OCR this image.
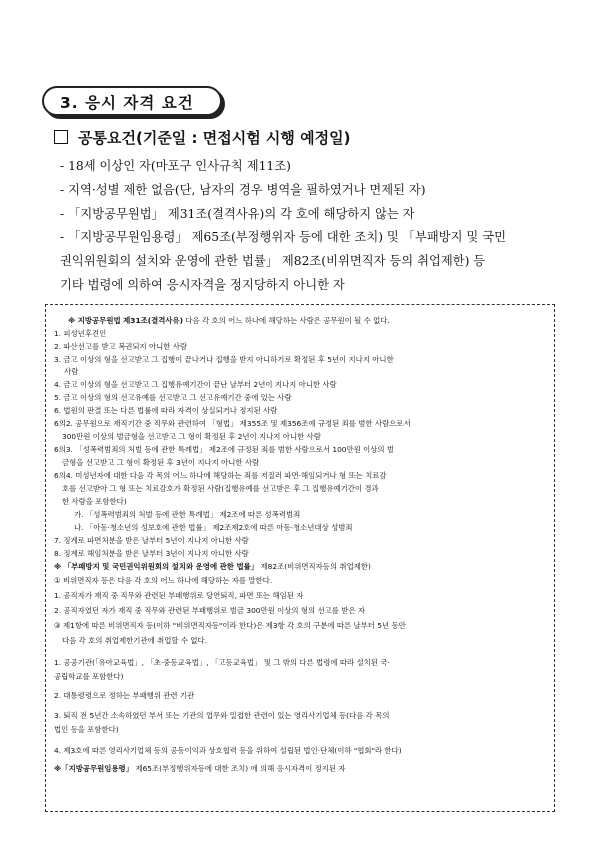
3. 응시 자격 요건
공통요건(기준일 : 면접시험 시행 예정일)
- 18세 이상인 자(마포구 인사규칙 제11조)
- 지역·성별 제한 없음(단, 남자의 경우 병역을 필하였거나 면제된 자)
- 「지방공무원법」 제31조(결격사유)의 각 호에 해당하지 않는 자
- 「지방공무원임용령」 제65조(부정행위자 등에 대한 조치) 및 「부패방지 및 국민
권익위원회의 설치와 운영에 관한 법률」 제82조(비위면직자 등의 취업제한) 등
기타 법령에 의하여 응시자격을 정지당하지 아니한 자
※ 지방공무원법 제31조(결격사유) 다음 각 호의 어느 하나에 해당하는 사람은 공무원이 될 수 없다.
1. 피성년후견인
2. 파산선고를 받고 복권되지 아니한 사람
3. 금고 이상의 형을 선고받고 그 집행이 끝나거나 집행을 받지 아니하기로 확정된 후 5년이 지나지 아니한
사람
4. 금고 이상의 형을 선고받고 그 집행유예기간이 끝난 날부터 2년이 지나지 아니한 사람
5. 금고 이상의 형의 선고유예를 선고받고 그 선고유예기간 중에 있는 사람
6. 법원의 판결 또는 다른 법률에 따라 자격이 상실되거나 정지된 사람
6의2. 공무원으로 재직기간 중 직무와 관련하여 「형법」 제355조 및 제356조에 규정된 죄를 범한 사람으로서
300만원 이상의 벌금형을 선고받고 그 형이 확정된 후 2년이 지나지 아니한 사람
6의3. 「성폭력범죄의 처벌 등에 관한 특례법」 제2조에 규정된 죄를 범한 사람으로서 100만원 이상의 벌
금형을 선고받고 그 형이 확정된 후 3년이 지나지 아니한 사람
6의4. 미성년자에 대한 다음 각 목의 어느 하나에 해당하는 죄를 저질러 파면·해임되거나 형 또는 치료감
호를 선고받아 그 형 또는 치료감호가 확정된 사람(집행유예를 선고받은 후 그 집행유예기간이 경과
한 사람을 포함한다)
가. 「성폭력범죄의 처벌 등에 관한 특례법」 제2조에 따른 성폭력범죄
나. 「아동·청소년의 성보호에 관한 법률」 제2조제2호에 따른 아동·청소년대상 성범죄
7. 징계로 파면처분을 받은 날부터 5년이 지나지 아니한 사람
8. 징계로 해임처분을 받은 날부터 3년이 지나지 아니한 사람
※ 「부패방지 및 국민권익위원회의 설치와 운영에 관한 법률」 제82조(비위면직자등의 취업제한)
① 비위면직자 등은 다음 각 호의 어느 하나에 해당하는 자를 말한다.
1. 공직자가 재직 중 직무와 관련된 부패행위로 당연퇴직, 파면 또는 해임된 자
2. 공직자였던 자가 재직 중 직무와 관련된 부패행위로 벌금 300만원 이상의 형의 선고를 받은 자
③ 제1항에 따른 비위면직자 등(이하 "비위면직자등"이라 한다)은 제3항 각 호의 구분에 따른 날부터 5년 동안
다음 각 호의 취업제한기관에 취업할 수 없다.
1. 공공기관(「유아교육법」, 「초·중등교육법」, 「고등교육법」 및 그 밖의 다른 법령에 따라 설치된 국·
공립학교를 포함한다)
2. 대통령령으로 정하는 부패행위 관련 기관
3. 퇴직 전 5년간 소속하였던 부서 또는 기관의 업무와 밀접한 관련이 있는 영리사기업체 등(다음 각 목의
법인 등을 포함한다)
4. 제3호에 따른 영리사기업체 등의 공동이익과 상호협력 등을 위하여 설립된 법인·단체(이하 "협회"라 한다)
※「지방공무원임용령」 제65조(부정행위자등에 대한 조치) 에 의해 응시자격이 정지된 자
